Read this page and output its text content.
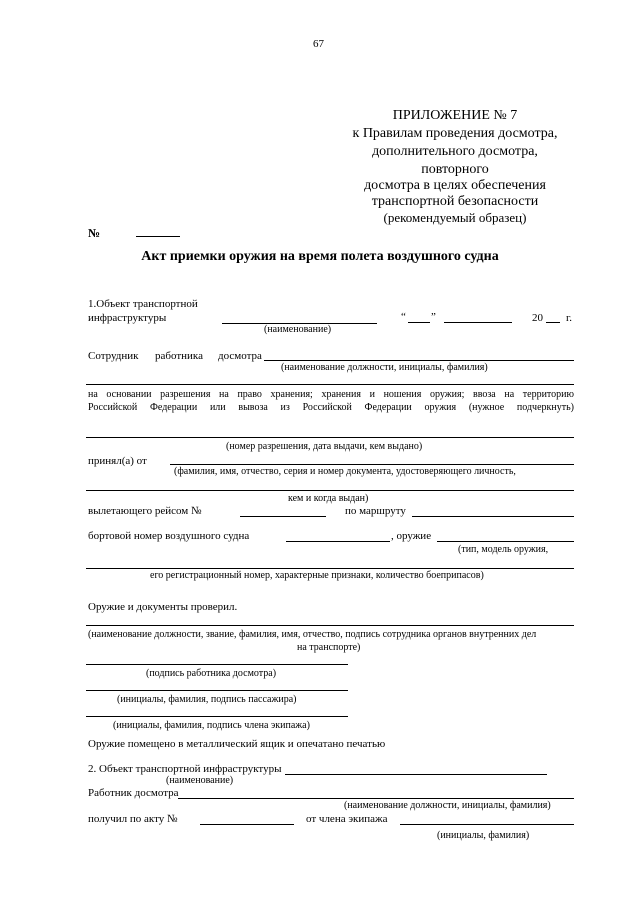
67
ПРИЛОЖЕНИЕ № 7
к Правилам проведения досмотра,
дополнительного досмотра,
повторного
досмотра в целях обеспечения
транспортной безопасности
(рекомендуемый образец)
№
Акт приемки оружия на время полета воздушного судна
1.Объект транспортной
инфраструктуры
(наименование)
“ ”	20 г.
Сотрудник работника досмотра
(наименование должности, инициалы, фамилия)
на основании разрешения на право хранения; хранения и ношения оружия; ввоза на территорию
Российской Федерации или вывоза из Российской Федерации оружия (нужное подчеркнуть)
(номер разрешения, дата выдачи, кем выдано)
принял(а) от
(фамилия, имя, отчество, серия и номер документа, удостоверяющего личность,
кем и когда выдан)
вылетающего рейсом №	по маршруту
бортовой номер воздушного судна	, оружие
(тип, модель оружия,
его регистрационный номер, характерные признаки, количество боеприпасов)
Оружие и документы проверил.
(наименование должности, звание, фамилия, имя, отчество, подпись сотрудника органов внутренних дел
на транспорте)
(подпись работника досмотра)
(инициалы, фамилия, подпись пассажира)
(инициалы, фамилия, подпись члена экипажа)
Оружие помещено в металлический ящик и опечатано печатью
2. Объект транспортной инфраструктуры
(наименование)
Работник досмотра
(наименование должности, инициалы, фамилия)
получил по акту №	от члена экипажа
(инициалы, фамилия)
